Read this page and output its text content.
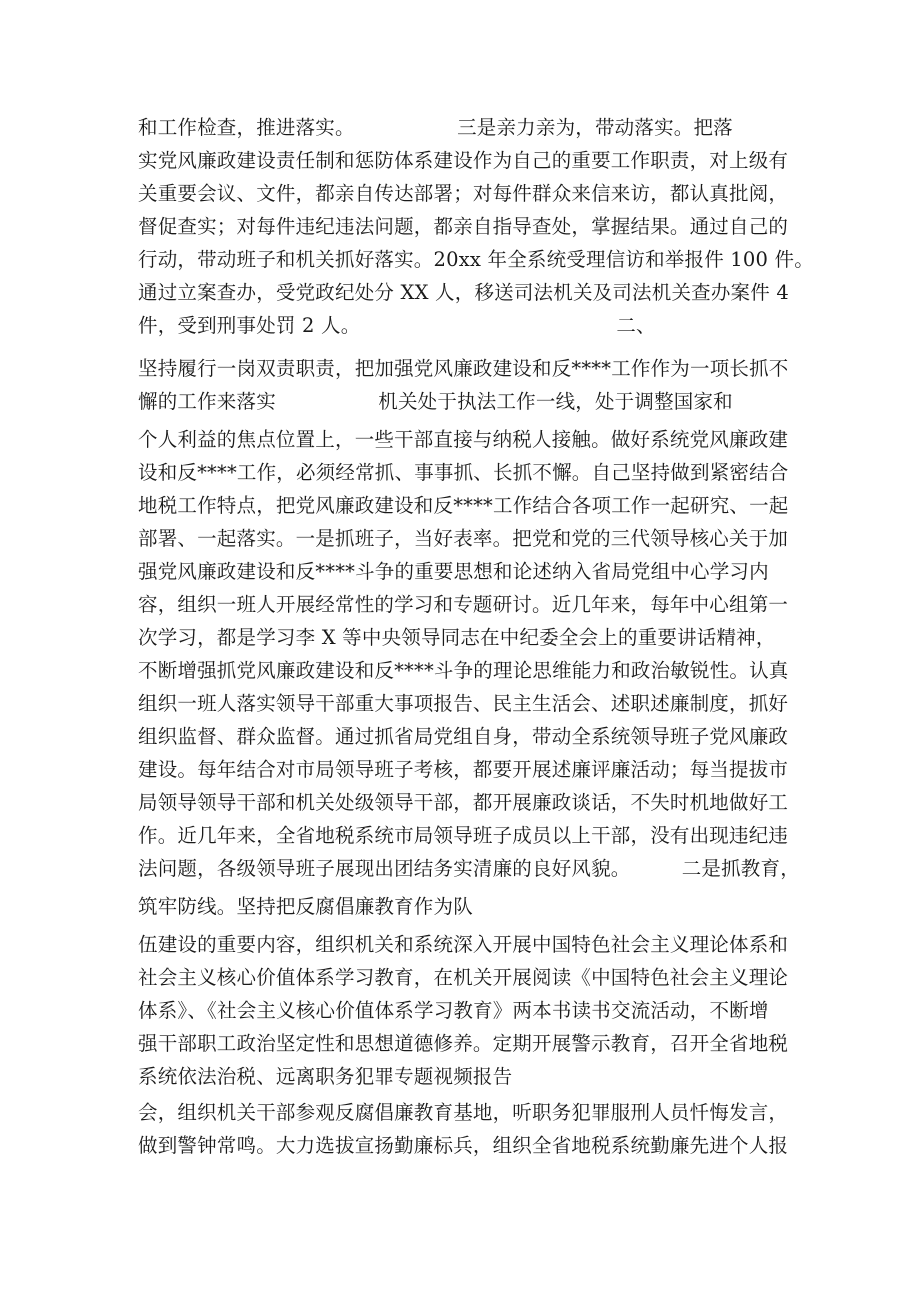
和工作检查，推进落实。                三是亲力亲为，带动落实。把落
实党风廉政建设责任制和惩防体系建设作为自己的重要工作职责，对上级有
关重要会议、文件，都亲自传达部署；对每件群众来信来访，都认真批阅，
督促查实；对每件违纪违法问题，都亲自指导查处，掌握结果。通过自己的
行动，带动班子和机关抓好落实。20xx 年全系统受理信访和举报件 100 件。
通过立案查办，受党政纪处分 XX 人，移送司法机关及司法机关查办案件 4
件，受到刑事处罚 2 人。                                        二、
坚持履行一岗双责职责，把加强党风廉政建设和反****工作作为一项长抓不
懈的工作来落实                机关处于执法工作一线，处于调整国家和
个人利益的焦点位置上，一些干部直接与纳税人接触。做好系统党风廉政建
设和反****工作，必须经常抓、事事抓、长抓不懈。自己坚持做到紧密结合
地税工作特点，把党风廉政建设和反****工作结合各项工作一起研究、一起
部署、一起落实。一是抓班子，当好表率。把党和党的三代领导核心关于加
强党风廉政建设和反****斗争的重要思想和论述纳入省局党组中心学习内
容，组织一班人开展经常性的学习和专题研讨。近几年来，每年中心组第一
次学习，都是学习李 X 等中央领导同志在中纪委全会上的重要讲话精神，
不断增强抓党风廉政建设和反****斗争的理论思维能力和政治敏锐性。认真
组织一班人落实领导干部重大事项报告、民主生活会、述职述廉制度，抓好
组织监督、群众监督。通过抓省局党组自身，带动全系统领导班子党风廉政
建设。每年结合对市局领导班子考核，都要开展述廉评廉活动；每当提拔市
局领导领导干部和机关处级领导干部，都开展廉政谈话，不失时机地做好工
作。近几年来，全省地税系统市局领导班子成员以上干部，没有出现违纪违
法问题，各级领导班子展现出团结务实清廉的良好风貌。        二是抓教育，
筑牢防线。坚持把反腐倡廉教育作为队
伍建设的重要内容，组织机关和系统深入开展中国特色社会主义理论体系和
社会主义核心价值体系学习教育，在机关开展阅读《中国特色社会主义理论
体系》、《社会主义核心价值体系学习教育》两本书读书交流活动，不断增
强干部职工政治坚定性和思想道德修养。定期开展警示教育，召开全省地税
系统依法治税、远离职务犯罪专题视频报告
会，组织机关干部参观反腐倡廉教育基地，听职务犯罪服刑人员忏悔发言，
做到警钟常鸣。大力选拔宣扬勤廉标兵，组织全省地税系统勤廉先进个人报
